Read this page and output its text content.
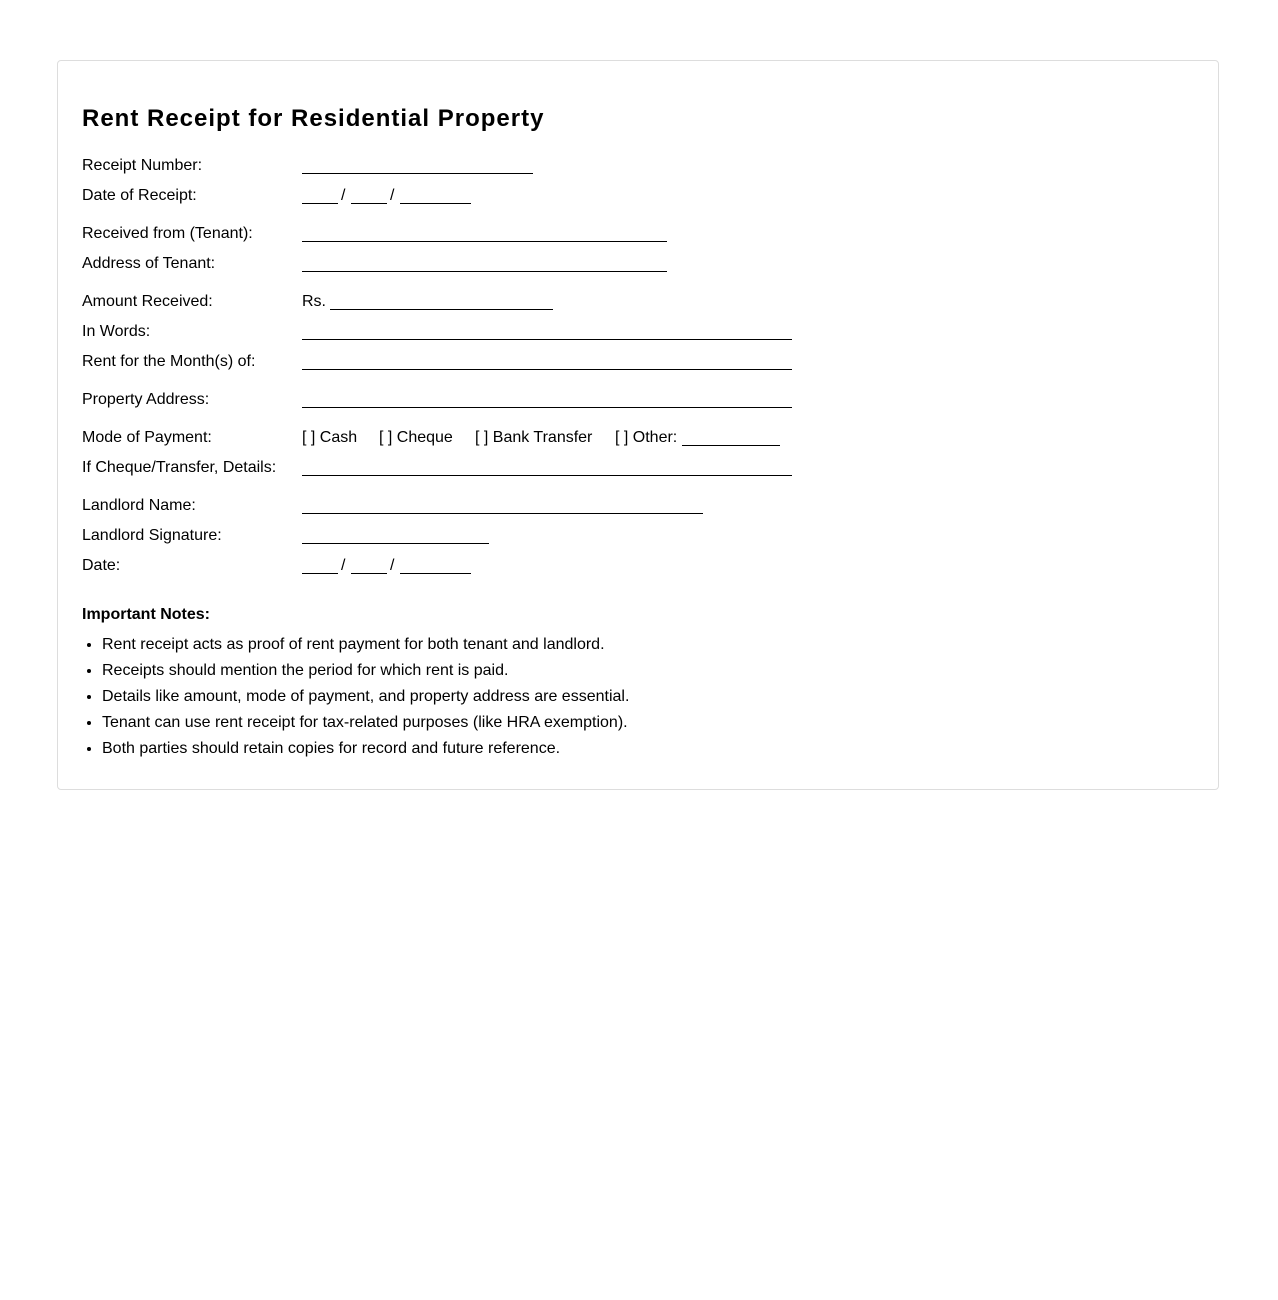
Rent Receipt for Residential Property
Receipt Number:
Date of Receipt:	/	/
Received from (Tenant):
Address of Tenant:
Amount Received:	Rs.
In Words:
Rent for the Month(s) of:
Property Address:
Mode of Payment:	[ ] Cash [ ] Cheque [ ] Bank Transfer [ ] Other:
If Cheque/Transfer, Details:
Landlord Name:
Landlord Signature:
Date:	/	/
Important Notes:
• Rent receipt acts as proof of rent payment for both tenant and landlord.
• Receipts should mention the period for which rent is paid.
• Details like amount, mode of payment, and property address are essential.
• Tenant can use rent receipt for tax-related purposes (like HRA exemption).
• Both parties should retain copies for record and future reference.
